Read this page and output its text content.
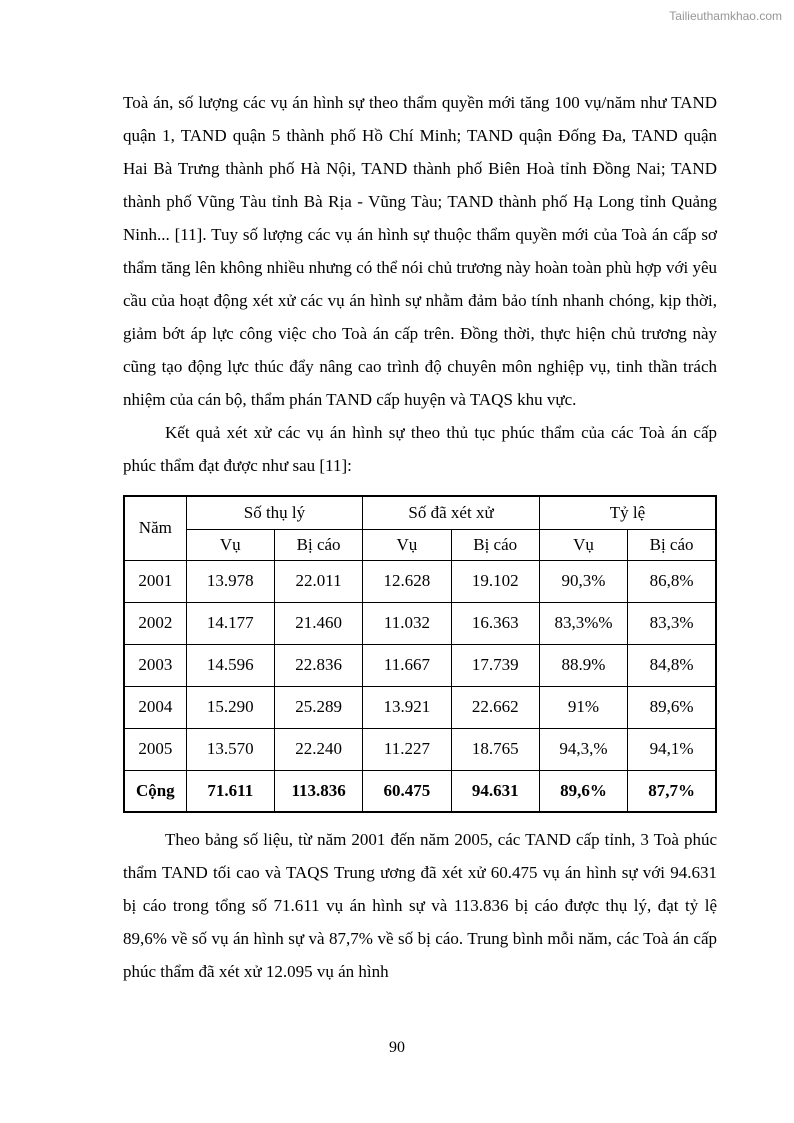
Tailieuthamkhao.com

Toà án, số lượng các vụ án hình sự theo thẩm quyền mới tăng 100 vụ/năm như TAND quận 1, TAND quận 5 thành phố Hồ Chí Minh; TAND quận Đống Đa, TAND quận Hai Bà Trưng thành phố Hà Nội, TAND thành phố Biên Hoà tỉnh Đồng Nai; TAND thành phố Vũng Tàu tỉnh Bà Rịa - Vũng Tàu; TAND thành phố Hạ Long tỉnh Quảng Ninh... [11]. Tuy số lượng các vụ án hình sự thuộc thẩm quyền mới của Toà án cấp sơ thẩm tăng lên không nhiều nhưng có thể nói chủ trương này hoàn toàn phù hợp với yêu cầu của hoạt động xét xử các vụ án hình sự nhằm đảm bảo tính nhanh chóng, kịp thời, giảm bớt áp lực công việc cho Toà án cấp trên. Đồng thời, thực hiện chủ trương này cũng tạo động lực thúc đẩy nâng cao trình độ chuyên môn nghiệp vụ, tinh thần trách nhiệm của cán bộ, thẩm phán TAND cấp huyện và TAQS khu vực.

Kết quả xét xử các vụ án hình sự theo thủ tục phúc thẩm của các Toà án cấp phúc thẩm đạt được như sau [11]:

Năm	Số thụ lý		Số đã xét xử		Tỷ lệ	
	Vụ	Bị cáo	Vụ	Bị cáo	Vụ	Bị cáo
2001	13.978	22.011	12.628	19.102	90,3%	86,8%
2002	14.177	21.460	11.032	16.363	83,3%%	83,3%
2003	14.596	22.836	11.667	17.739	88.9%	84,8%
2004	15.290	25.289	13.921	22.662	91%	89,6%
2005	13.570	22.240	11.227	18.765	94,3,%	94,1%
Cộng	71.611	113.836	60.475	94.631	89,6%	87,7%

Theo bảng số liệu, từ năm 2001 đến năm 2005, các TAND cấp tỉnh, 3 Toà phúc thẩm TAND tối cao và TAQS Trung ương đã xét xử 60.475 vụ án hình sự với 94.631 bị cáo trong tổng số 71.611 vụ án hình sự và 113.836 bị cáo được thụ lý, đạt tỷ lệ 89,6% về số vụ án hình sự và 87,7% về số bị cáo. Trung bình mỗi năm, các Toà án cấp phúc thẩm đã xét xử 12.095 vụ án hình

90
